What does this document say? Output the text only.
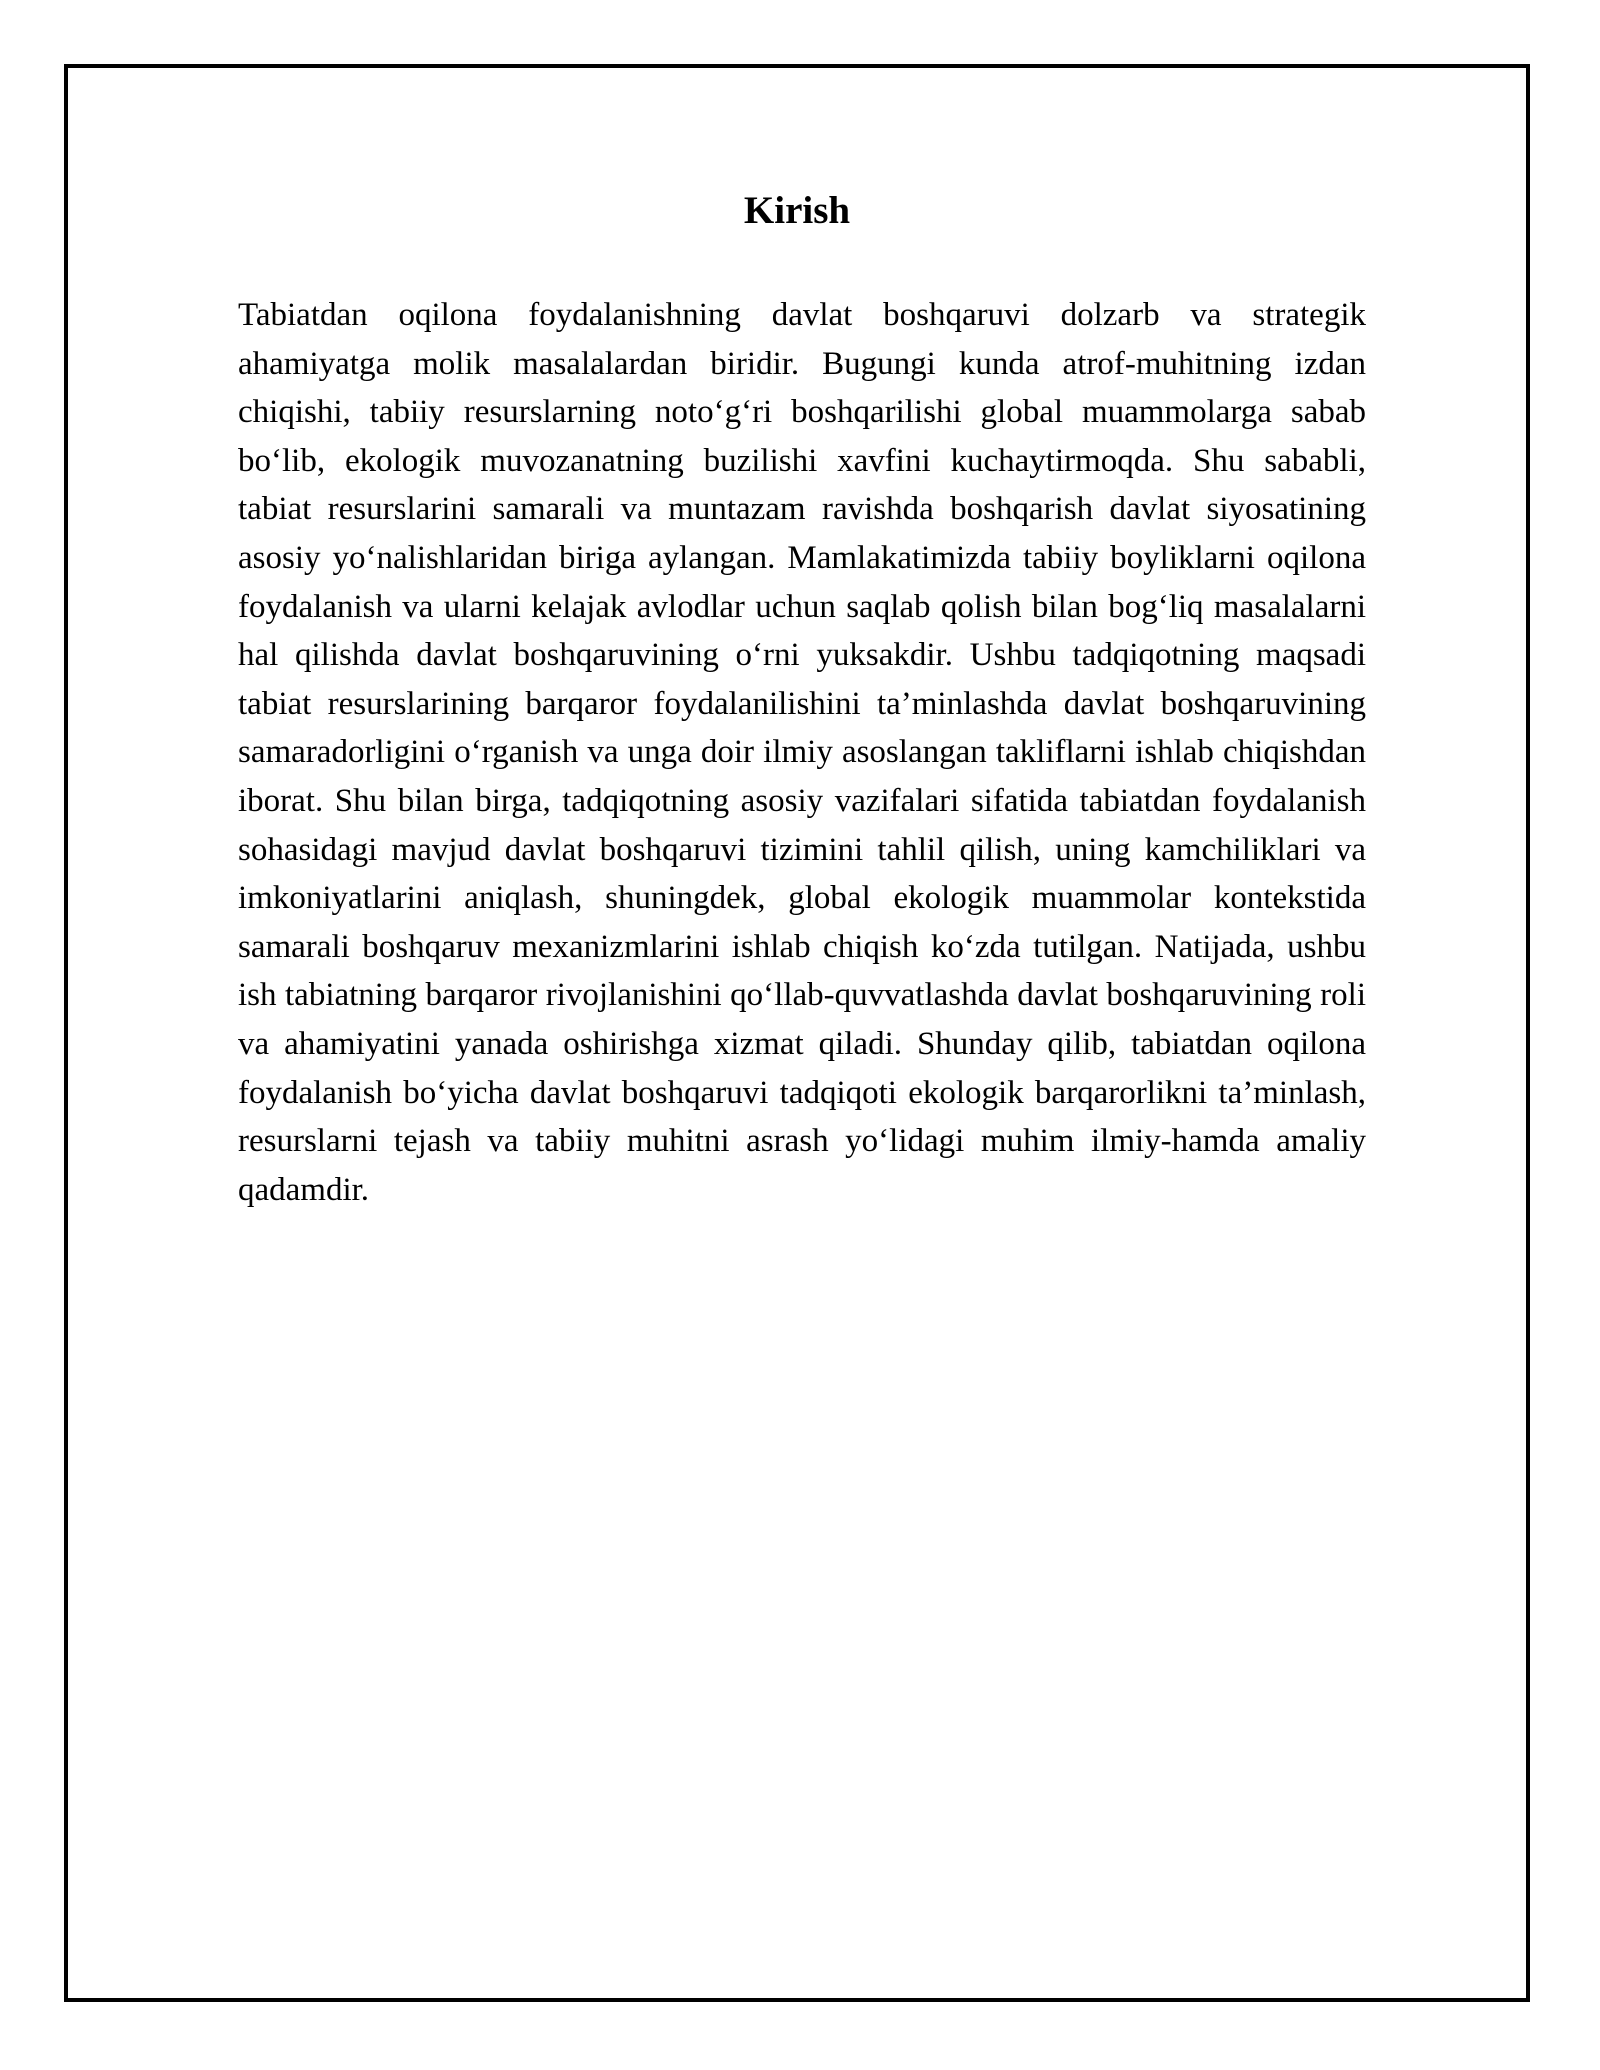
Kirish

Tabiatdan oqilona foydalanishning davlat boshqaruvi dolzarb va strategik ahamiyatga molik masalalardan biridir. Bugungi kunda atrof-muhitning izdan chiqishi, tabiiy resurslarning noto‘g‘ri boshqarilishi global muammolarga sabab bo‘lib, ekologik muvozanatning buzilishi xavfini kuchaytirmoqda. Shu sababli, tabiat resurslarini samarali va muntazam ravishda boshqarish davlat siyosatining asosiy yo‘nalishlaridan biriga aylangan. Mamlakatimizda tabiiy boyliklarni oqilona foydalanish va ularni kelajak avlodlar uchun saqlab qolish bilan bog‘liq masalalarni hal qilishda davlat boshqaruvining o‘rni yuksakdir. Ushbu tadqiqotning maqsadi tabiat resurslarining barqaror foydalanilishini ta’minlashda davlat boshqaruvining samaradorligini o‘rganish va unga doir ilmiy asoslangan takliflarni ishlab chiqishdan iborat. Shu bilan birga, tadqiqotning asosiy vazifalari sifatida tabiatdan foydalanish sohasidagi mavjud davlat boshqaruvi tizimini tahlil qilish, uning kamchiliklari va imkoniyatlarini aniqlash, shuningdek, global ekologik muammolar kontekstida samarali boshqaruv mexanizmlarini ishlab chiqish ko‘zda tutilgan. Natijada, ushbu ish tabiatning barqaror rivojlanishini qo‘llab-quvvatlashda davlat boshqaruvining roli va ahamiyatini yanada oshirishga xizmat qiladi. Shunday qilib, tabiatdan oqilona foydalanish bo‘yicha davlat boshqaruvi tadqiqoti ekologik barqarorlikni ta’minlash, resurslarni tejash va tabiiy muhitni asrash yo‘lidagi muhim ilmiy-hamda amaliy qadamdir.
